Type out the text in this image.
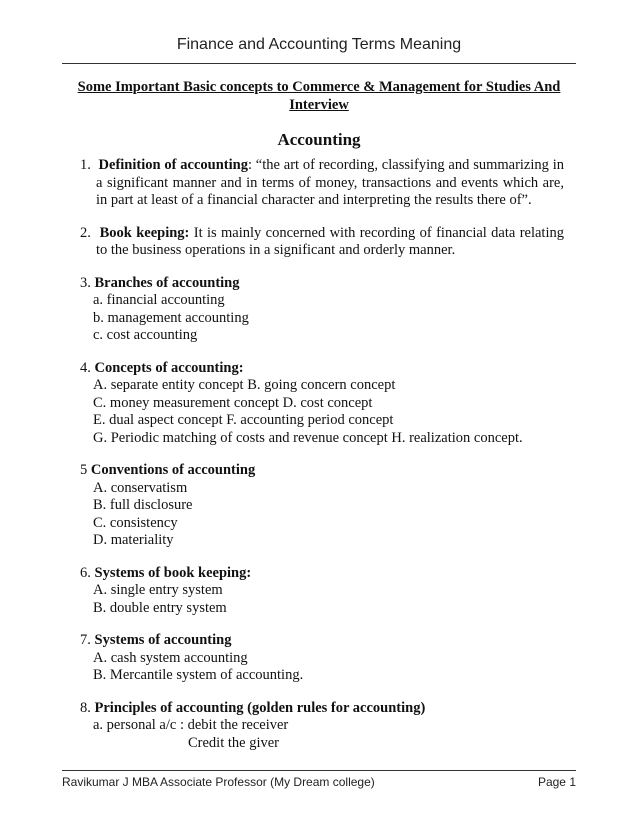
Finance and Accounting Terms Meaning
Some Important Basic concepts to Commerce & Management for Studies And Interview
Accounting
1. Definition of accounting: “the art of recording, classifying and summarizing in a significant manner and in terms of money, transactions and events which are, in part at least of a financial character and interpreting the results there of”.
2. Book keeping: It is mainly concerned with recording of financial data relating to the business operations in a significant and orderly manner.
3. Branches of accounting
a. financial accounting
b. management accounting
c. cost accounting
4. Concepts of accounting:
A. separate entity concept B. going concern concept
C. money measurement concept D. cost concept
E. dual aspect concept F. accounting period concept
G. Periodic matching of costs and revenue concept H. realization concept.
5 Conventions of accounting
A. conservatism
B. full disclosure
C. consistency
D. materiality
6. Systems of book keeping:
A. single entry system
B. double entry system
7. Systems of accounting
A. cash system accounting
B. Mercantile system of accounting.
8. Principles of accounting (golden rules for accounting)
a. personal a/c : debit the receiver
Credit the giver
Ravikumar J MBA Associate Professor (My Dream college)	Page 1
